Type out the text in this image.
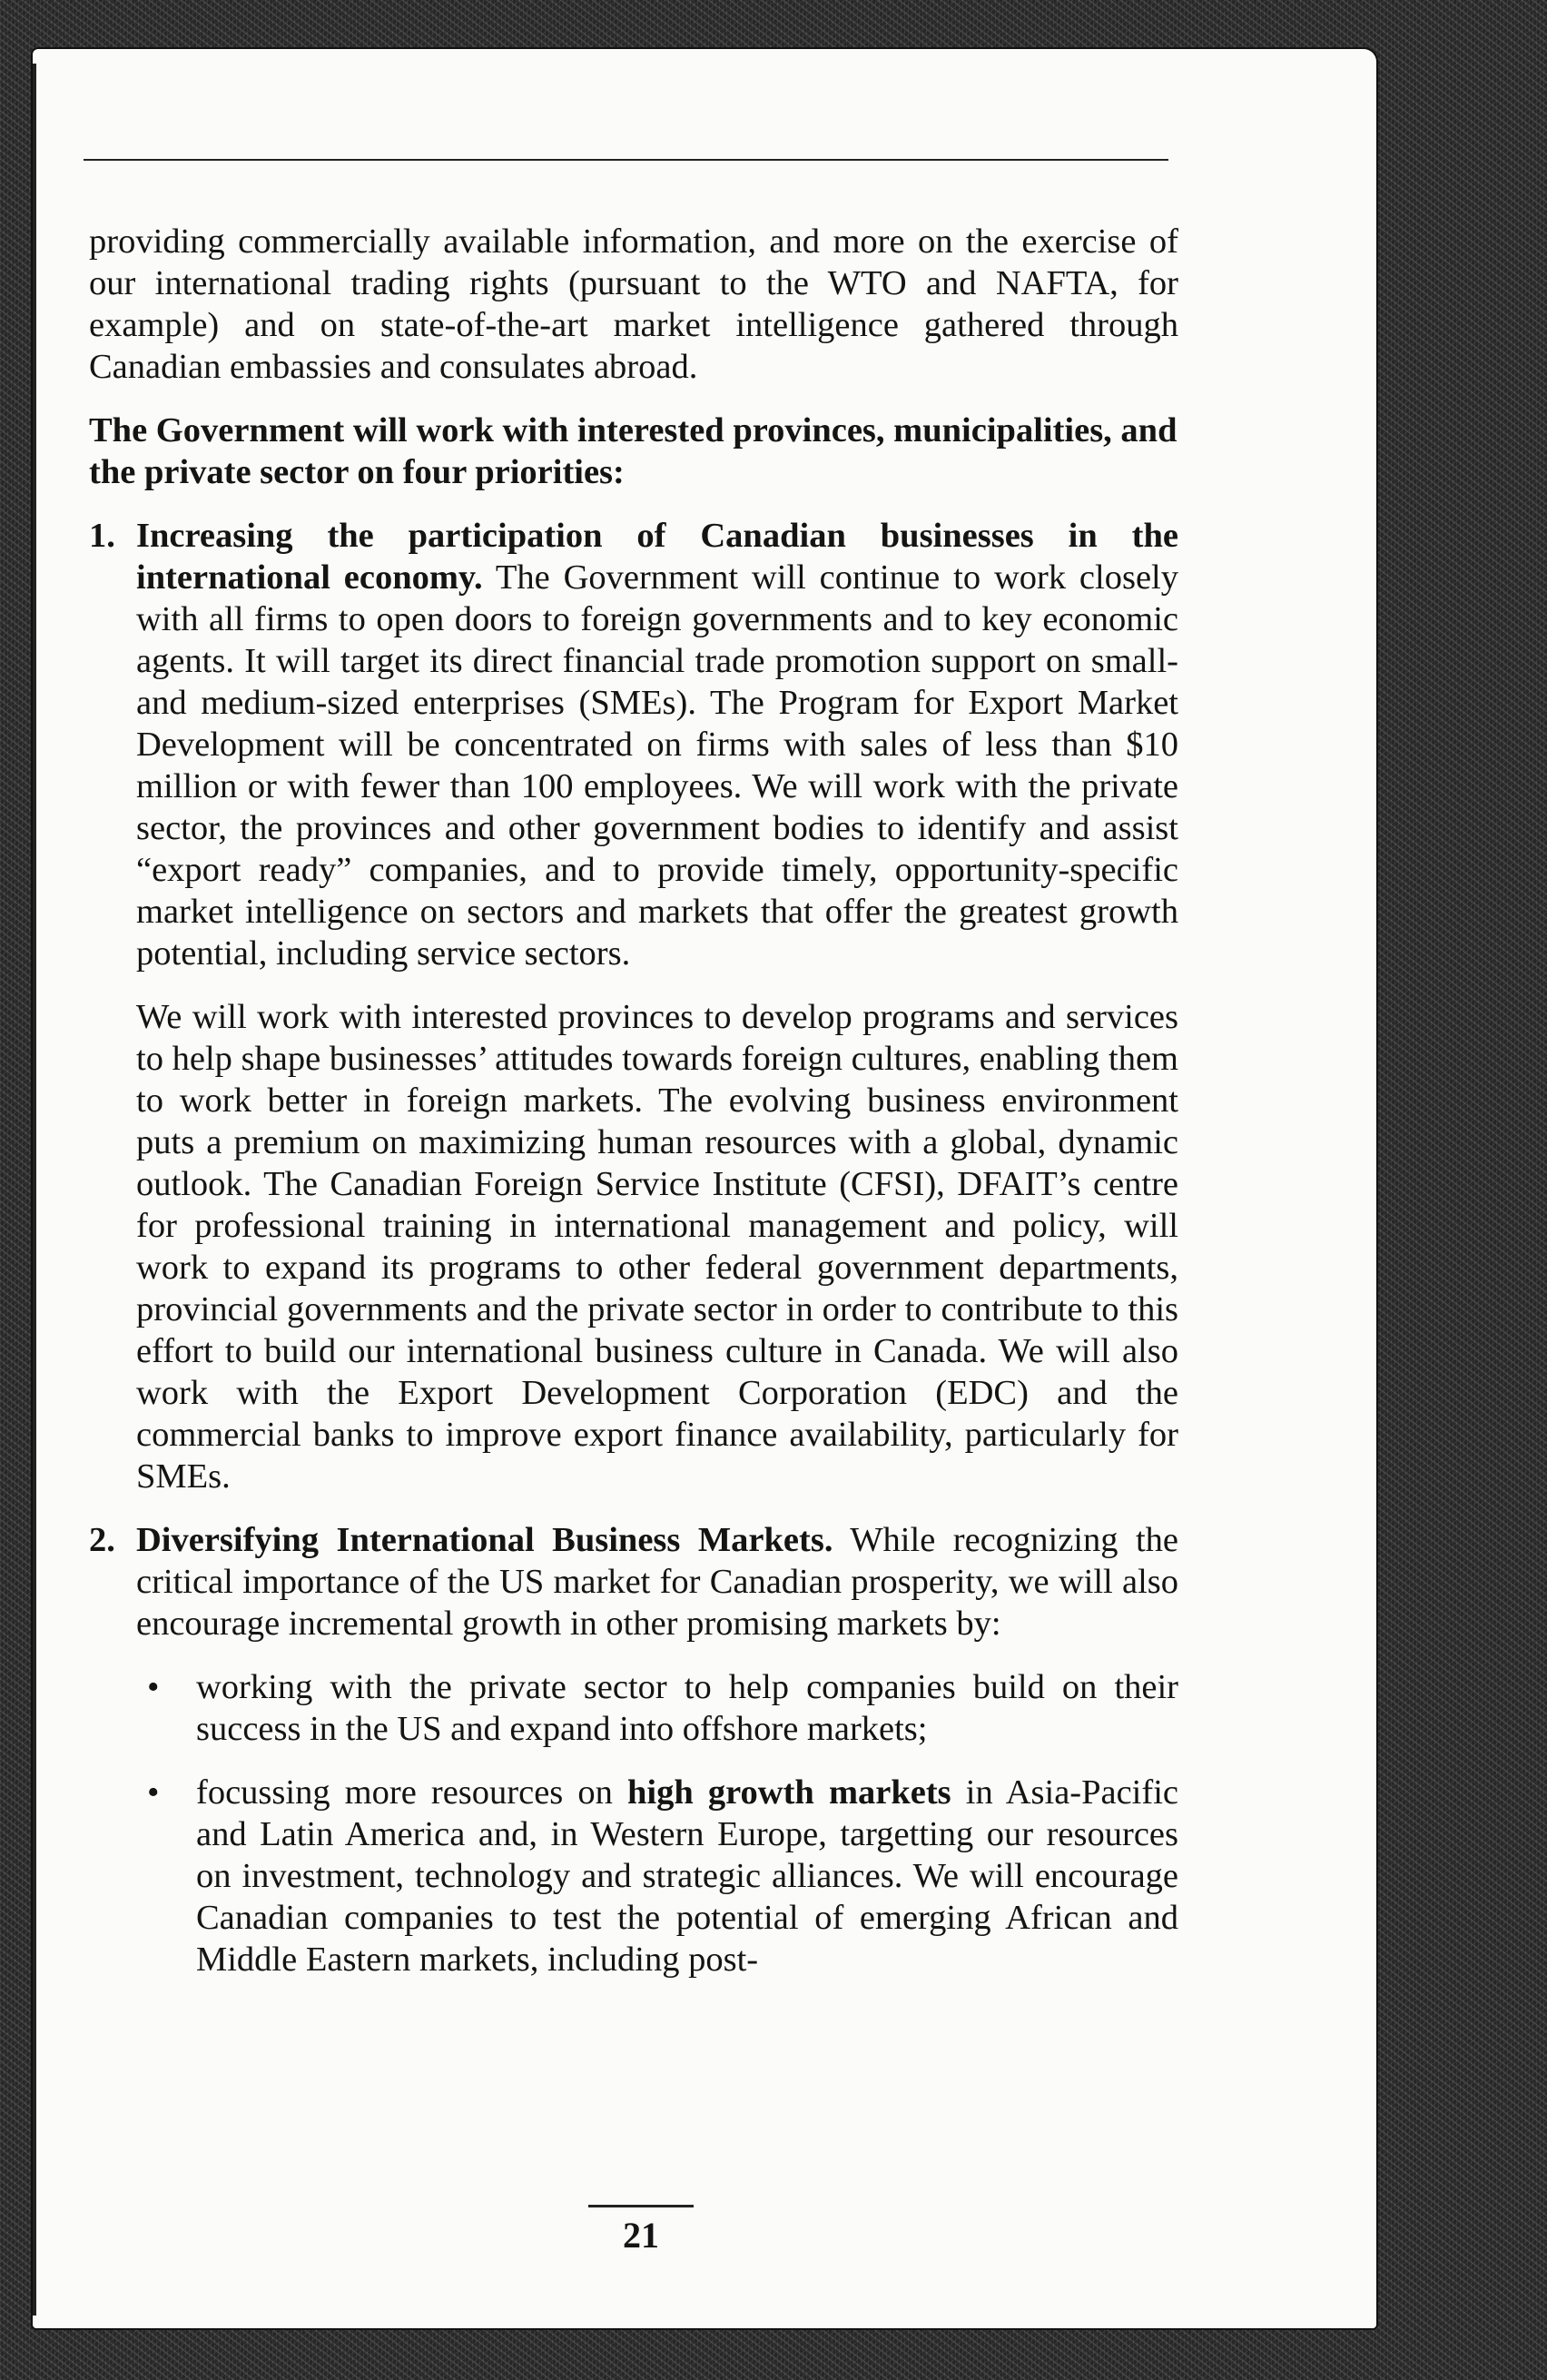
providing commercially available information, and more on the exercise of our international trading rights (pursuant to the WTO and NAFTA, for example) and on state-of-the-art market intelligence gathered through Canadian embassies and consulates abroad.

The Government will work with interested provinces, municipalities, and the private sector on four priorities:

1. Increasing the participation of Canadian businesses in the international economy. The Government will continue to work closely with all firms to open doors to foreign governments and to key economic agents. It will target its direct financial trade promotion support on small- and medium-sized enterprises (SMEs). The Program for Export Market Development will be concentrated on firms with sales of less than $10 million or with fewer than 100 employees. We will work with the private sector, the provinces and other government bodies to identify and assist “export ready” companies, and to provide timely, opportunity-specific market intelligence on sectors and markets that offer the greatest growth potential, including service sectors.

We will work with interested provinces to develop programs and services to help shape businesses’ attitudes towards foreign cultures, enabling them to work better in foreign markets. The evolving business environment puts a premium on maximizing human resources with a global, dynamic outlook. The Canadian Foreign Service Institute (CFSI), DFAIT’s centre for professional training in international management and policy, will work to expand its programs to other federal government departments, provincial governments and the private sector in order to contribute to this effort to build our international business culture in Canada. We will also work with the Export Development Corporation (EDC) and the commercial banks to improve export finance availability, particularly for SMEs.

2. Diversifying International Business Markets. While recognizing the critical importance of the US market for Canadian prosperity, we will also encourage incremental growth in other promising markets by:

• working with the private sector to help companies build on their success in the US and expand into offshore markets;

• focussing more resources on high growth markets in Asia-Pacific and Latin America and, in Western Europe, targetting our resources on investment, technology and strategic alliances. We will encourage Canadian companies to test the potential of emerging African and Middle Eastern markets, including post-

21
